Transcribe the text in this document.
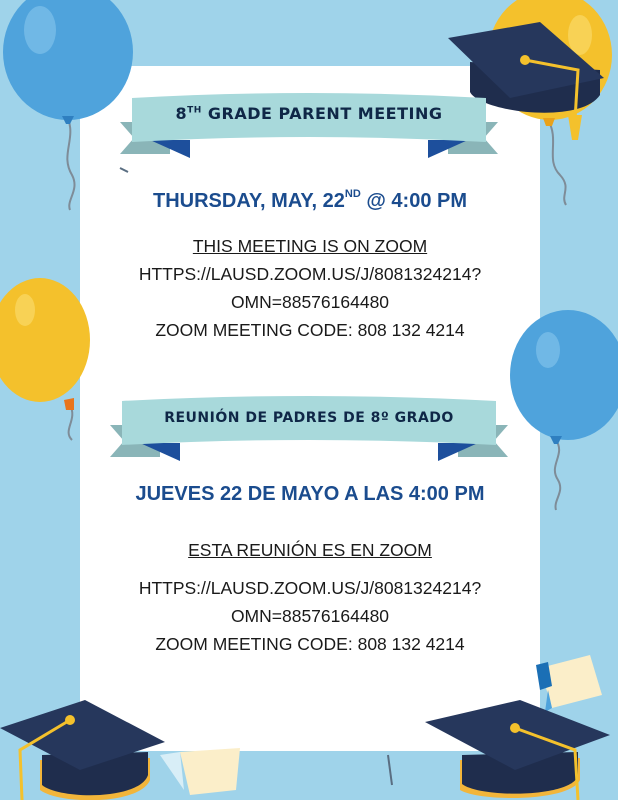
8TH GRADE PARENT MEETING
THURSDAY, MAY, 22ND @ 4:00 PM
THIS MEETING IS ON ZOOM
HTTPS://LAUSD.ZOOM.US/J/8081324214?
OMN=88576164480
ZOOM MEETING CODE: 808 132 4214
REUNIÓN DE PADRES DE 8º GRADO
JUEVES 22 DE MAYO A LAS 4:00 PM
ESTA REUNIÓN ES EN ZOOM
HTTPS://LAUSD.ZOOM.US/J/8081324214?
OMN=88576164480
ZOOM MEETING CODE: 808 132 4214
